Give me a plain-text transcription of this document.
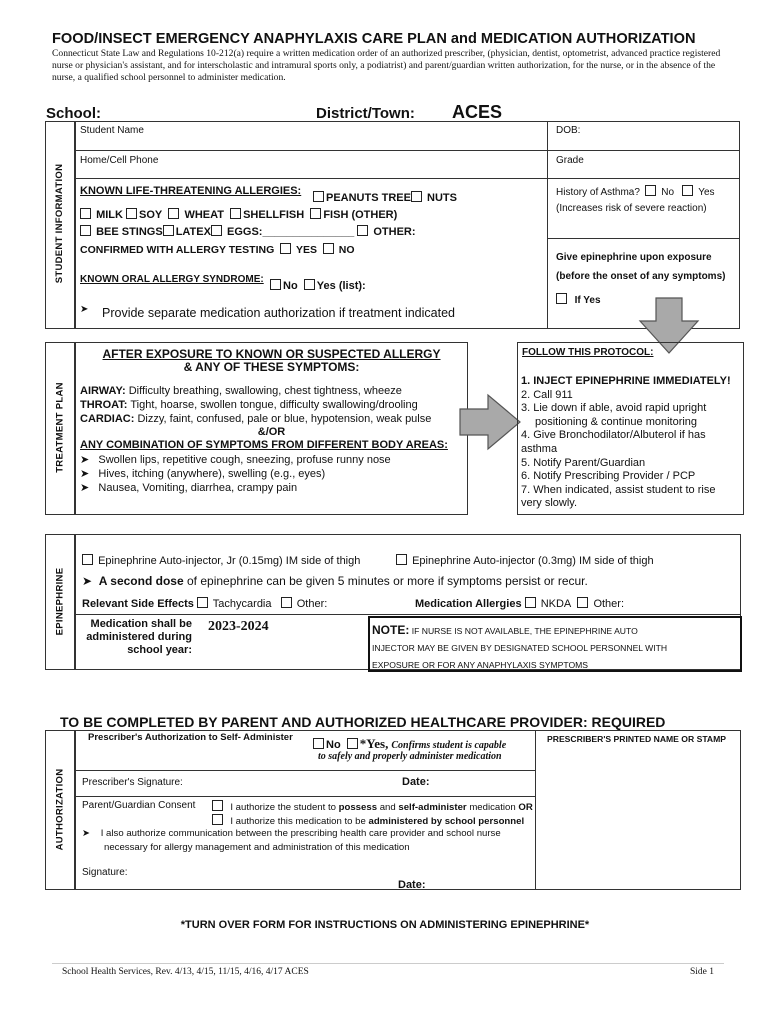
FOOD/INSECT EMERGENCY ANAPHYLAXIS CARE PLAN and MEDICATION AUTHORIZATION
Connecticut State Law and Regulations 10-212(a) require a written medication order of an authorized prescriber, (physician, dentist, optometrist, advanced practice registered nurse or physician's assistant, and for interscholastic and intramural sports only, a podiatrist) and parent/guardian written authorization, for the nurse, or in the absence of the nurse, a qualified school personnel to administer medication.
School:	District/Town: ACES
STUDENT INFORMATION
Student Name	DOB:
Home/Cell Phone	Grade
KNOWN LIFE-THREATENING ALLERGIES:
PEANUTS TREE NUTS
MILK SOY WHEAT SHELLFISH FISH (OTHER)
BEE STINGS LATEX EGGS:_______________ OTHER:
CONFIRMED WITH ALLERGY TESTING YES NO
KNOWN ORAL ALLERGY SYNDROME:
No Yes (list):
➤ Provide separate medication authorization if treatment indicated
History of Asthma? No Yes
(Increases risk of severe reaction)
Give epinephrine upon exposure
(before the onset of any symptoms)
If Yes
TREATMENT PLAN
AFTER EXPOSURE TO KNOWN OR SUSPECTED ALLERGY
& ANY OF THESE SYMPTOMS:
AIRWAY: Difficulty breathing, swallowing, chest tightness, wheeze
THROAT: Tight, hoarse, swollen tongue, difficulty swallowing/drooling
CARDIAC: Dizzy, faint, confused, pale or blue, hypotension, weak pulse
&/OR
ANY COMBINATION OF SYMPTOMS FROM DIFFERENT BODY AREAS:
➤ Swollen lips, repetitive cough, sneezing, profuse runny nose
➤ Hives, itching (anywhere), swelling (e.g., eyes)
➤ Nausea, Vomiting, diarrhea, crampy pain
FOLLOW THIS PROTOCOL:
1. INJECT EPINEPHRINE IMMEDIATELY!
2. Call 911
3. Lie down if able, avoid rapid upright
positioning & continue monitoring
4. Give Bronchodilator/Albuterol if has
asthma
5. Notify Parent/Guardian
6. Notify Prescribing Provider / PCP
7. When indicated, assist student to rise
very slowly.
EPINEPHRINE
Epinephrine Auto-injector, Jr (0.15mg) IM side of thigh	Epinephrine Auto-injector (0.3mg) IM side of thigh
➤ A second dose of epinephrine can be given 5 minutes or more if symptoms persist or recur.
Relevant Side Effects Tachycardia Other:	Medication Allergies NKDA Other:
Medication shall be
administered during
school year:
2023-2024	NOTE: IF NURSE IS NOT AVAILABLE, THE EPINEPHRINE AUTO
INJECTOR MAY BE GIVEN BY DESIGNATED SCHOOL PERSONNEL WITH
EXPOSURE OR FOR ANY ANAPHYLAXIS SYMPTOMS
TO BE COMPLETED BY PARENT AND AUTHORIZED HEALTHCARE PROVIDER: REQUIRED
AUTHORIZATION
Prescriber's Authorization to Self- Administer
No *Yes, Confirms student is capable
to safely and properly administer medication
PRESCRIBER'S PRINTED NAME OR STAMP
Prescriber's Signature:	Date:
Parent/Guardian Consent	I authorize the student to possess and self-administer medication OR
I authorize this medication to be administered by school personnel
➤ I also authorize communication between the prescribing health care provider and school nurse
necessary for allergy management and administration of this medication
Signature:
Date:
*TURN OVER FORM FOR INSTRUCTIONS ON ADMINISTERING EPINEPHRINE*
School Health Services, Rev. 4/13, 4/15, 11/15, 4/16, 4/17 ACES	Side 1
